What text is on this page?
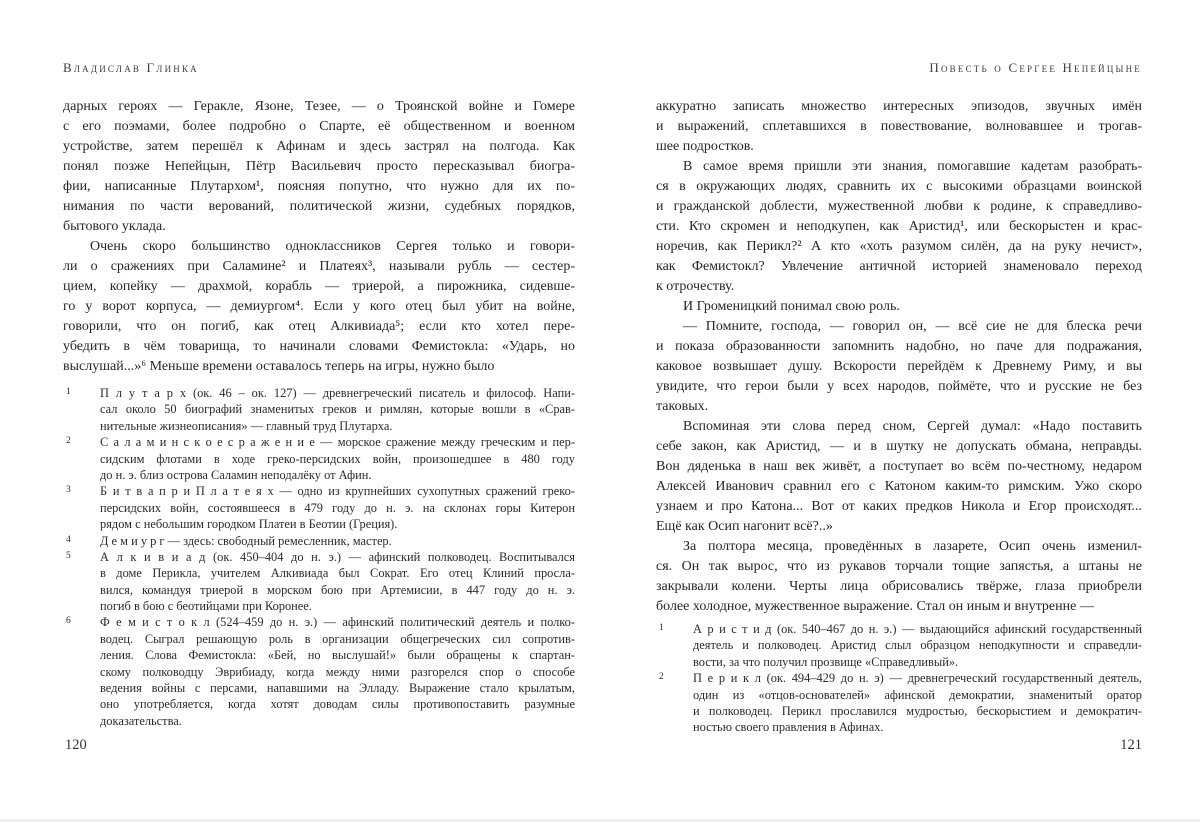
Владислав Глинка
дарных героях — Геракле, Язоне, Тезее, — о Троянской войне и Гомере
с его поэмами, более подробно о Спарте, её общественном и военном
устройстве, затем перешёл к Афинам и здесь застрял на полгода. Как
понял позже Непейцын, Пётр Васильевич просто пересказывал биогра-
фии, написанные Плутархом¹, поясняя попутно, что нужно для их по-
нимания по части верований, политической жизни, судебных порядков,
бытового уклада.
Очень скоро большинство одноклассников Сергея только и говори-
ли о сражениях при Саламине² и Платеях³, называли рубль — сестер-
цием, копейку — драхмой, корабль — триерой, а пирожника, сидевше-
го у ворот корпуса, — демиургом⁴. Если у кого отец был убит на войне,
говорили, что он погиб, как отец Алкивиада⁵; если кто хотел пере-
убедить в чём товарища, то начинали словами Фемистокла: «Ударь, но
выслушай...»⁶ Меньше времени оставалось теперь на игры, нужно было
1 П л у т а р х (ок. 46 – ок. 127) — древнегреческий писатель и философ. Напи-
сал около 50 биографий знаменитых греков и римлян, которые вошли в «Срав-
нительные жизнеописания» — главный труд Плутарха.
2 С а л а м и н с к о е с р а ж е н и е — морское сражение между греческим и пер-
сидским флотами в ходе греко-персидских войн, произошедшее в 480 году
до н. э. близ острова Саламин неподалёку от Афин.
3 Б и т в а п р и П л а т е я х — одно из крупнейших сухопутных сражений греко-
персидских войн, состоявшееся в 479 году до н. э. на склонах горы Китерон
рядом с небольшим городком Платеи в Беотии (Греция).
4 Д е м и у р г — здесь: свободный ремесленник, мастер.
5 А л к и в и а д (ок. 450–404 до н. э.) — афинский полководец. Воспитывался
в доме Перикла, учителем Алкивиада был Сократ. Его отец Клиний просла-
вился, командуя триерой в морском бою при Артемисии, в 447 году до н. э.
погиб в бою с беотийцами при Коронее.
6 Ф е м и с т о к л (524–459 до н. э.) — афинский политический деятель и полко-
водец. Сыграл решающую роль в организации общегреческих сил сопротив-
ления. Слова Фемистокла: «Бей, но выслушай!» были обращены к спартан-
скому полководцу Эврибиаду, когда между ними разгорелся спор о способе
ведения войны с персами, напавшими на Элладу. Выражение стало крылатым,
оно употребляется, когда хотят доводам силы противопоставить разумные
доказательства.
120
Повесть о Сергее Непейцыне
аккуратно записать множество интересных эпизодов, звучных имён
и выражений, сплетавшихся в повествование, волновавшее и трогав-
шее подростков.
В самое время пришли эти знания, помогавшие кадетам разобрать-
ся в окружающих людях, сравнить их с высокими образцами воинской
и гражданской доблести, мужественной любви к родине, к справедливо-
сти. Кто скромен и неподкупен, как Аристид¹, или бескорыстен и крас-
норечив, как Перикл?² А кто «хоть разумом силён, да на руку нечист»,
как Фемистокл? Увлечение античной историей знаменовало переход
к отрочеству.
И Громеницкий понимал свою роль.
— Помните, господа, — говорил он, — всё сие не для блеска речи
и показа образованности запомнить надобно, но паче для подражания,
каковое возвышает душу. Вскорости перейдём к Древнему Риму, и вы
увидите, что герои были у всех народов, поймёте, что и русские не без
таковых.
Вспоминая эти слова перед сном, Сергей думал: «Надо поставить
себе закон, как Аристид, — и в шутку не допускать обмана, неправды.
Вон дяденька в наш век живёт, а поступает во всём по-честному, недаром
Алексей Иванович сравнил его с Катоном каким-то римским. Ужо скоро
узнаем и про Катона... Вот от каких предков Никола и Егор происходят...
Ещё как Осип нагонит всё?..»
За полтора месяца, проведённых в лазарете, Осип очень изменил-
ся. Он так вырос, что из рукавов торчали тощие запястья, а штаны не
закрывали колени. Черты лица обрисовались твёрже, глаза приобрели
более холодное, мужественное выражение. Стал он иным и внутренне —
1 А р и с т и д (ок. 540–467 до н. э.) — выдающийся афинский государственный
деятель и полководец. Аристид слыл образцом неподкупности и справедли-
вости, за что получил прозвище «Справедливый».
2 П е р и к л (ок. 494–429 до н. э) — древнегреческий государственный деятель,
один из «отцов-основателей» афинской демократии, знаменитый оратор
и полководец. Перикл прославился мудростью, бескорыстием и демократич-
ностью своего правления в Афинах.
121
